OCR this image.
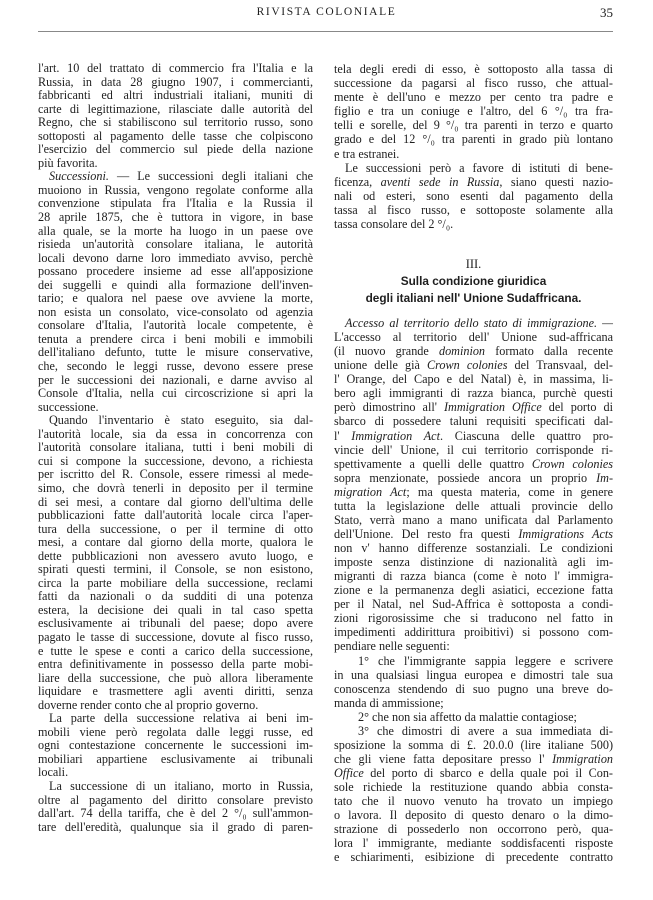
RIVISTA COLONIALE	35
l'art. 10 del trattato di commercio fra l'Italia e la
Russia, in data 28 giugno 1907, i commercianti,
fabbricanti ed altri industriali italiani, muniti di
carte di legittimazione, rilasciate dalle autorità del
Regno, che si stabiliscono sul territorio russo, sono
sottoposti al pagamento delle tasse che colpiscono
l'esercizio del commercio sul piede della nazione
più favorita.
Successioni. — Le successioni degli italiani che
muoiono in Russia, vengono regolate conforme alla
convenzione stipulata fra l'Italia e la Russia il
28 aprile 1875, che è tuttora in vigore, in base
alla quale, se la morte ha luogo in un paese ove
risieda un'autorità consolare italiana, le autorità
locali devono darne loro immediato avviso, perchè
possano procedere insieme ad esse all'apposizione
dei suggelli e quindi alla formazione dell'inven-
tario; e qualora nel paese ove avviene la morte,
non esista un consolato, vice-consolato od agenzia
consolare d'Italia, l'autorità locale competente, è
tenuta a prendere circa i beni mobili e immobili
dell'italiano defunto, tutte le misure conservative,
che, secondo le leggi russe, devono essere prese
per le successioni dei nazionali, e darne avviso al
Console d'Italia, nella cui circoscrizione si apri la
successione.
Quando l'inventario è stato eseguito, sia dal-
l'autorità locale, sia da essa in concorrenza con
l'autorità consolare italiana, tutti i beni mobili di
cui si compone la successione, devono, a richiesta
per iscritto del R. Console, essere rimessi al mede-
simo, che dovrà tenerli in deposito per il termine
di sei mesi, a contare dal giorno dell'ultima delle
pubblicazioni fatte dall'autorità locale circa l'aper-
tura della successione, o per il termine di otto
mesi, a contare dal giorno della morte, qualora le
dette pubblicazioni non avessero avuto luogo, e
spirati questi termini, il Console, se non esistono,
circa la parte mobiliare della successione, reclami
fatti da nazionali o da sudditi di una potenza
estera, la decisione dei quali in tal caso spetta
esclusivamente ai tribunali del paese; dopo avere
pagato le tasse di successione, dovute al fisco russo,
e tutte le spese e conti a carico della successione,
entra definitivamente in possesso della parte mobi-
liare della successione, che può allora liberamente
liquidare e trasmettere agli aventi diritti, senza
doverne render conto che al proprio governo.
La parte della successione relativa ai beni im-
mobili viene però regolata dalle leggi russe, ed
ogni contestazione concernente le successioni im-
mobiliari appartiene esclusivamente ai tribunali
locali.
La successione di un italiano, morto in Russia,
oltre al pagamento del diritto consolare previsto
dall'art. 74 della tariffa, che è del 2 °/₀ sull'ammon-
tare dell'eredità, qualunque sia il grado di paren-
tela degli eredi di esso, è sottoposto alla tassa di
successione da pagarsi al fisco russo, che attual-
mente è dell'uno e mezzo per cento tra padre e
figlio e tra un coniuge e l'altro, del 6 °/₀ tra fra-
telli e sorelle, del 9 °/₀ tra parenti in terzo e quarto
grado e del 12 °/₀ tra parenti in grado più lontano
e tra estranei.
Le successioni però a favore di istituti di bene-
ficenza, aventi sede in Russia, siano questi nazio-
nali od esteri, sono esenti dal pagamento della
tassa al fisco russo, e sottoposte solamente alla
tassa consolare del 2 °/₀.
III.
Sulla condizione giuridica
degli italiani nell' Unione Sudaffricana.
Accesso al territorio dello stato di immigrazione. —
L'accesso al territorio dell' Unione sud-affricana
(il nuovo grande dominion formato dalla recente
unione delle già Crown colonies del Transvaal, del-
l' Orange, del Capo e del Natal) è, in massima, li-
bero agli immigranti di razza bianca, purchè questi
però dimostrino all' Immigration Office del porto di
sbarco di possedere taluni requisiti specificati dal-
l' Immigration Act. Ciascuna delle quattro pro-
vincie dell' Unione, il cui territorio corrisponde ri-
spettivamente a quelli delle quattro Crown colonies
sopra menzionate, possiede ancora un proprio Im-
migration Act; ma questa materia, come in genere
tutta la legislazione delle attuali provincie dello
Stato, verrà mano a mano unificata dal Parlamento
dell'Unione. Del resto fra questi Immigrations Acts
non v' hanno differenze sostanziali. Le condizioni
imposte senza distinzione di nazionalità agli im-
migranti di razza bianca (come è noto l' immigra-
zione e la permanenza degli asiatici, eccezione fatta
per il Natal, nel Sud-Affrica è sottoposta a condi-
zioni rigorosissime che si traducono nel fatto in
impedimenti addirittura proibitivi) si possono com-
pendiare nelle seguenti:
1° che l'immigrante sappia leggere e scrivere
in una qualsiasi lingua europea e dimostri tale sua
conoscenza stendendo di suo pugno una breve do-
manda di ammissione;
2° che non sia affetto da malattie contagiose;
3° che dimostri di avere a sua immediata di-
sposizione la somma di £. 20.0.0 (lire italiane 500)
che gli viene fatta depositare presso l' Immigration
Office del porto di sbarco e della quale poi il Con-
sole richiede la restituzione quando abbia consta-
tato che il nuovo venuto ha trovato un impiego
o lavora. Il deposito di questo denaro o la dimo-
strazione di possederlo non occorrono però, qua-
lora l' immigrante, mediante soddisfacenti risposte
e schiarimenti, esibizione di precedente contratto
